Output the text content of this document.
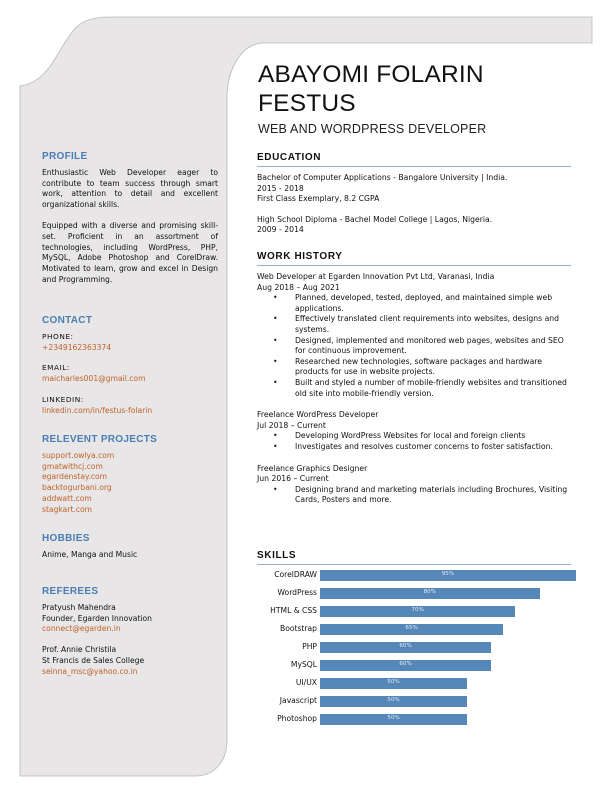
ABAYOMI FOLARIN
FESTUS
WEB AND WORDPRESS DEVELOPER
PROFILE

Enthusiastic Web Developer eager to contribute to team success through smart work, attention to detail and excellent organizational skills.

Equipped with a diverse and promising skill-set. Proficient in an assortment of technologies, including WordPress, PHP, MySQL, Adobe Photoshop and CorelDraw. Motivated to learn, grow and excel in Design and Programming.

CONTACT

PHONE:

+2349162363374

EMAIL:

maicharles001@gmail.com

LINKEDIN:

linkedin.com/in/festus-folarin

RELEVENT PROJECTS

support.owlya.com

gmatwithcj.com

egardenstay.com

backtogurbani.org

addwatt.com

stagkart.com

HOBBIES

Anime, Manga and Music

REFEREES

Pratyush Mahendra

Founder, Egarden Innovation

connect@egarden.in

Prof. Annie Christila

St Francis de Sales College

seinna_msc@yahoo.co.in

EDUCATION

Bachelor of Computer Applications - Bangalore University | India.

2015 - 2018

First Class Exemplary, 8.2 CGPA

High School Diploma - Bachel Model College | Lagos, Nigeria.

2009 - 2014

WORK HISTORY

Web Developer at Egarden Innovation Pvt Ltd, Varanasi, India

Aug 2018 – Aug 2021

• Planned, developed, tested, deployed, and maintained simple web applications.
• Effectively translated client requirements into websites, designs and systems.
• Designed, implemented and monitored web pages, websites and SEO for continuous improvement.
• Researched new technologies, software packages and hardware products for use in website projects.
• Built and styled a number of mobile-friendly websites and transitioned old site into mobile-friendly version.

Freelance WordPress Developer

Jul 2018 – Current

• Developing WordPress Websites for local and foreign clients
• Investigates and resolves customer concerns to foster satisfaction.

Freelance Graphics Designer

Jun 2016 – Current

• Designing brand and marketing materials including Brochures, Visiting Cards, Posters and more.
SKILLS
CorelDRAW	95%
WordPress	80%
HTML & CSS	70%
Bootstrap	65%
PHP	60%
MySQL	60%
UI/UX	50%
Javascript	50%
Photoshop	50%
